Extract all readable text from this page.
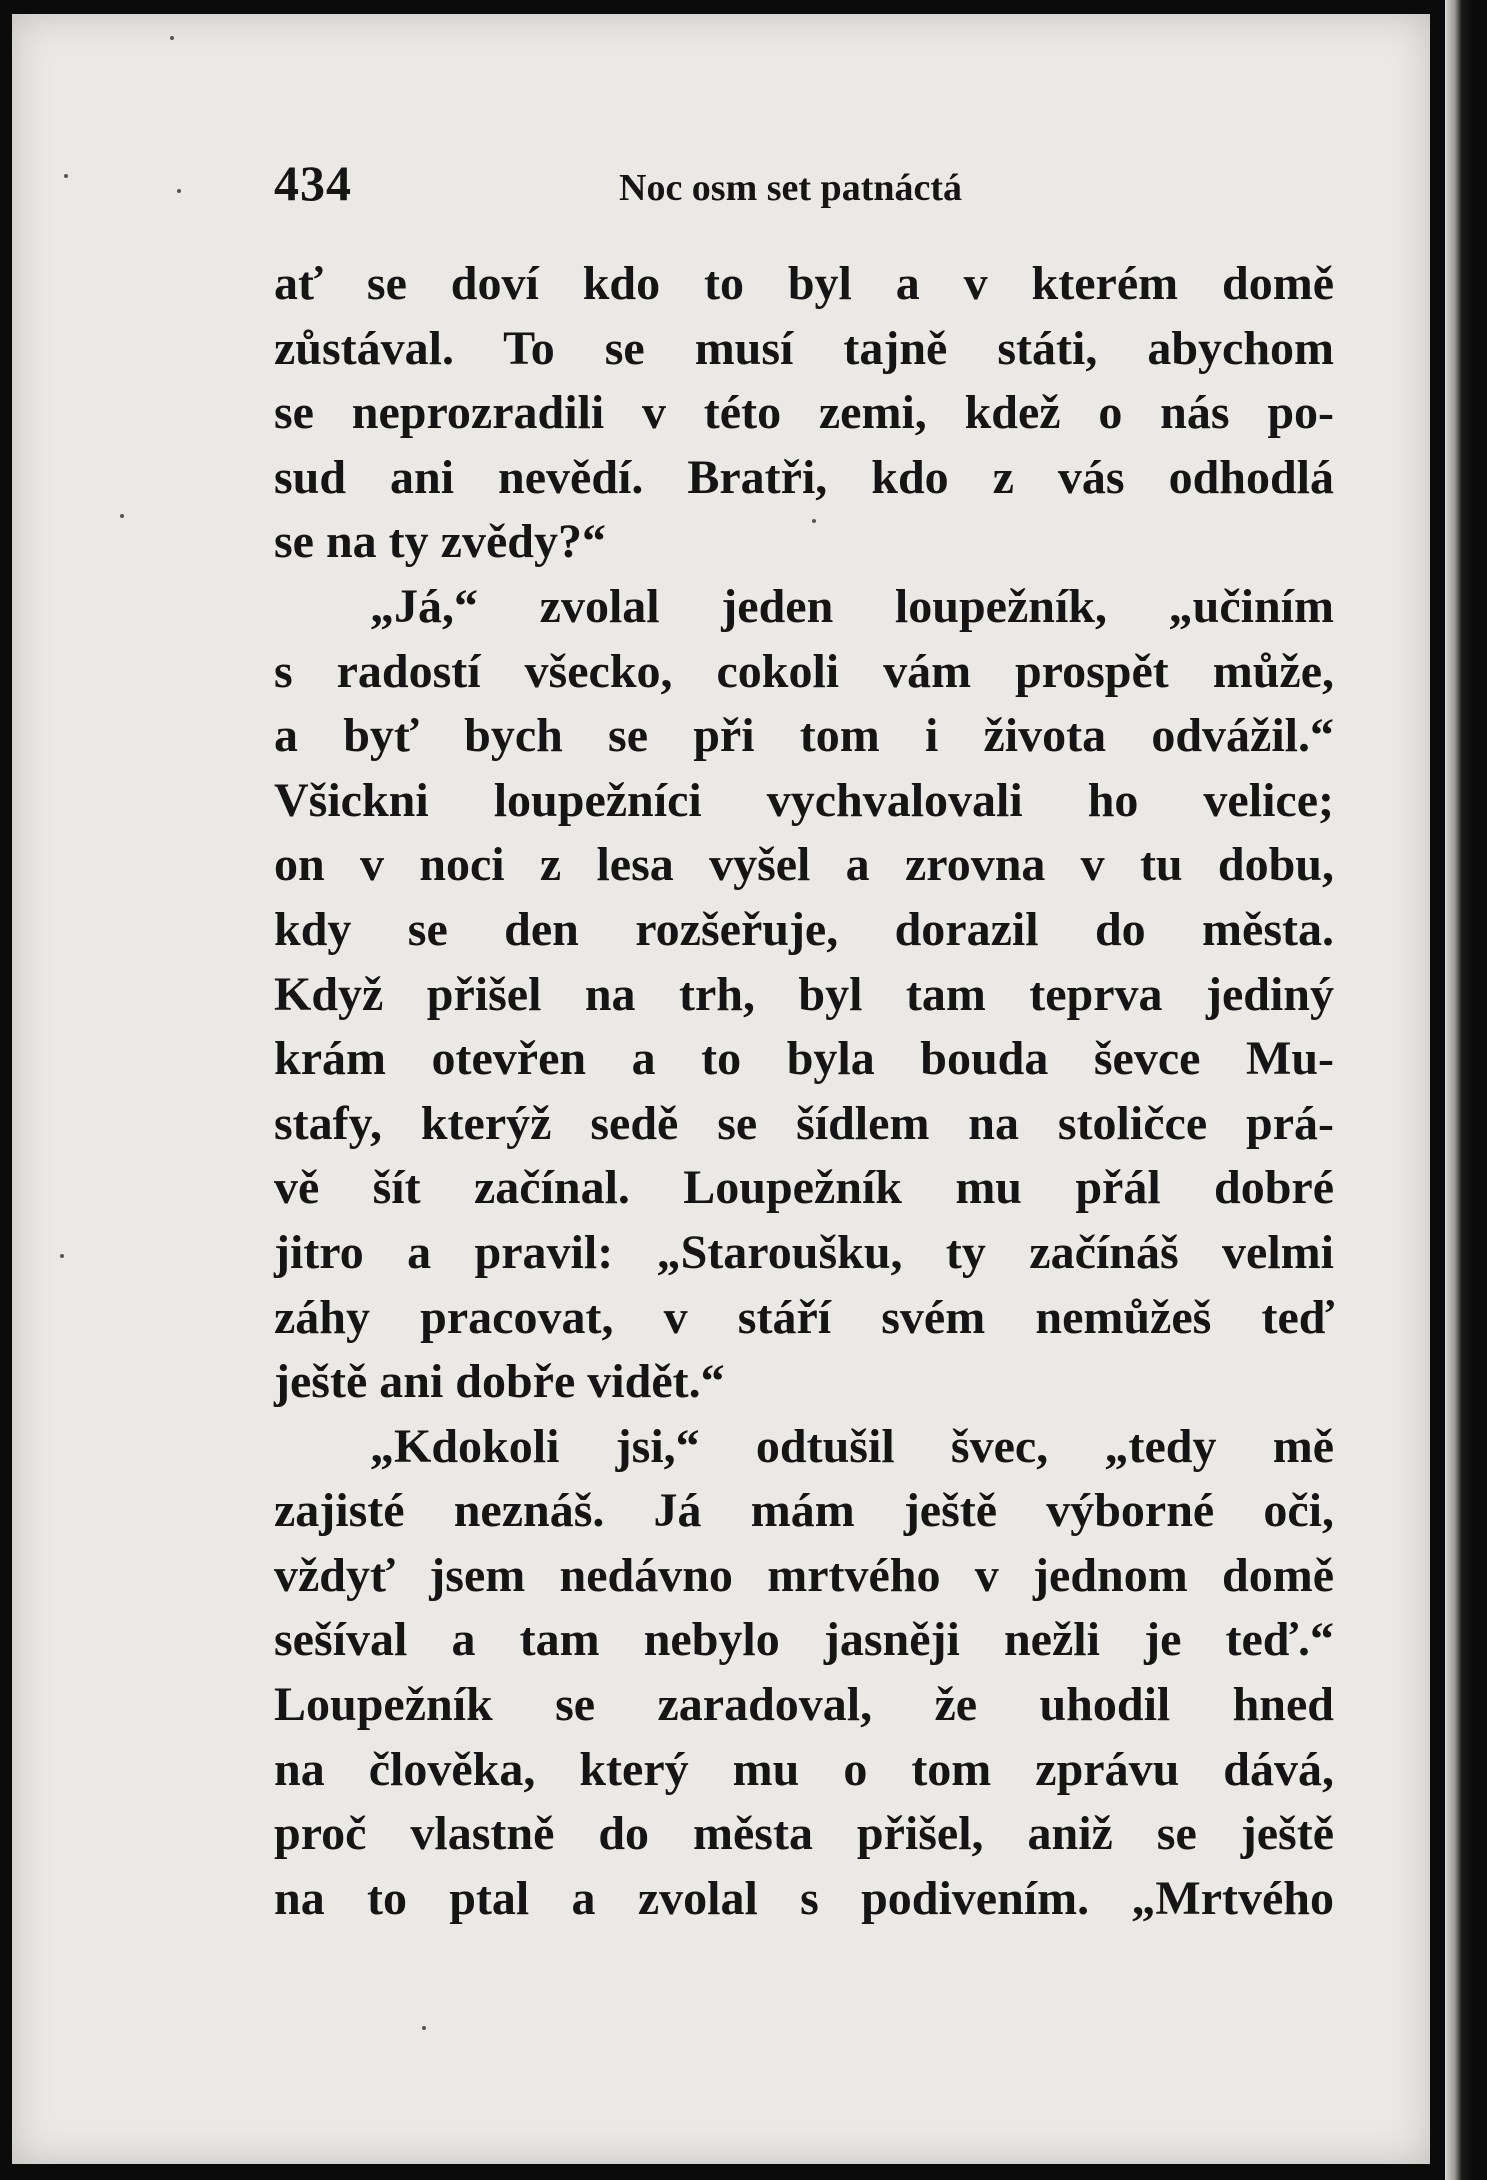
434	Noc osm set patnáctá
ať se doví kdo to byl a v kterém domě
zůstával. To se musí tajně státi, abychom
se neprozradili v této zemi, kdež o nás po-
sud ani nevědí. Bratři, kdo z vás odhodlá
se na ty zvědy?“
„Já,“ zvolal jeden loupežník, „učiním
s radostí všecko, cokoli vám prospět může,
a byť bych se při tom i života odvážil.“
Všickni loupežníci vychvalovali ho velice;
on v noci z lesa vyšel a zrovna v tu dobu,
kdy se den rozšeřuje, dorazil do města.
Když přišel na trh, byl tam teprva jediný
krám otevřen a to byla bouda ševce Mu-
stafy, kterýž sedě se šídlem na stoličce prá-
vě šít začínal. Loupežník mu přál dobré
jitro a pravil: „Staroušku, ty začínáš velmi
záhy pracovat, v stáří svém nemůžeš teď
ještě ani dobře vidět.“
„Kdokoli jsi,“ odtušil švec, „tedy mě
zajisté neznáš. Já mám ještě výborné oči,
vždyť jsem nedávno mrtvého v jednom domě
sešíval a tam nebylo jasněji nežli je teď.“
Loupežník se zaradoval, že uhodil hned
na člověka, který mu o tom zprávu dává,
proč vlastně do města přišel, aniž se ještě
na to ptal a zvolal s podivením. „Mrtvého
